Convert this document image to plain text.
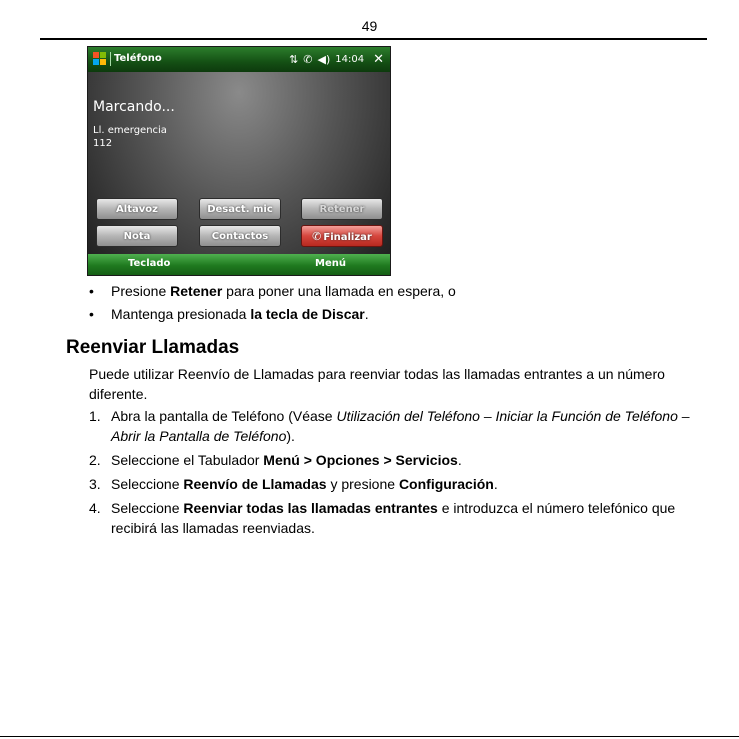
49
Teléfono	⇅ ✆ ◀) 14:04 ✕
Marcando...
Ll. emergencia
112
Altavoz	Desact. mic	Retener
Nota	Contactos	✆ Finalizar
Teclado	Menú
• Presione Retener para poner una llamada en espera, o
• Mantenga presionada la tecla de Discar.
Reenviar Llamadas
Puede utilizar Reenvío de Llamadas para reenviar todas las llamadas entrantes a un número diferente.
1. Abra la pantalla de Teléfono (Véase Utilización del Teléfono – Iniciar la Función de Teléfono – Abrir la Pantalla de Teléfono).
2. Seleccione el Tabulador Menú > Opciones > Servicios.
3. Seleccione Reenvío de Llamadas y presione Configuración.
4. Seleccione Reenviar todas las llamadas entrantes e introduzca el número telefónico que recibirá las llamadas reenviadas.
